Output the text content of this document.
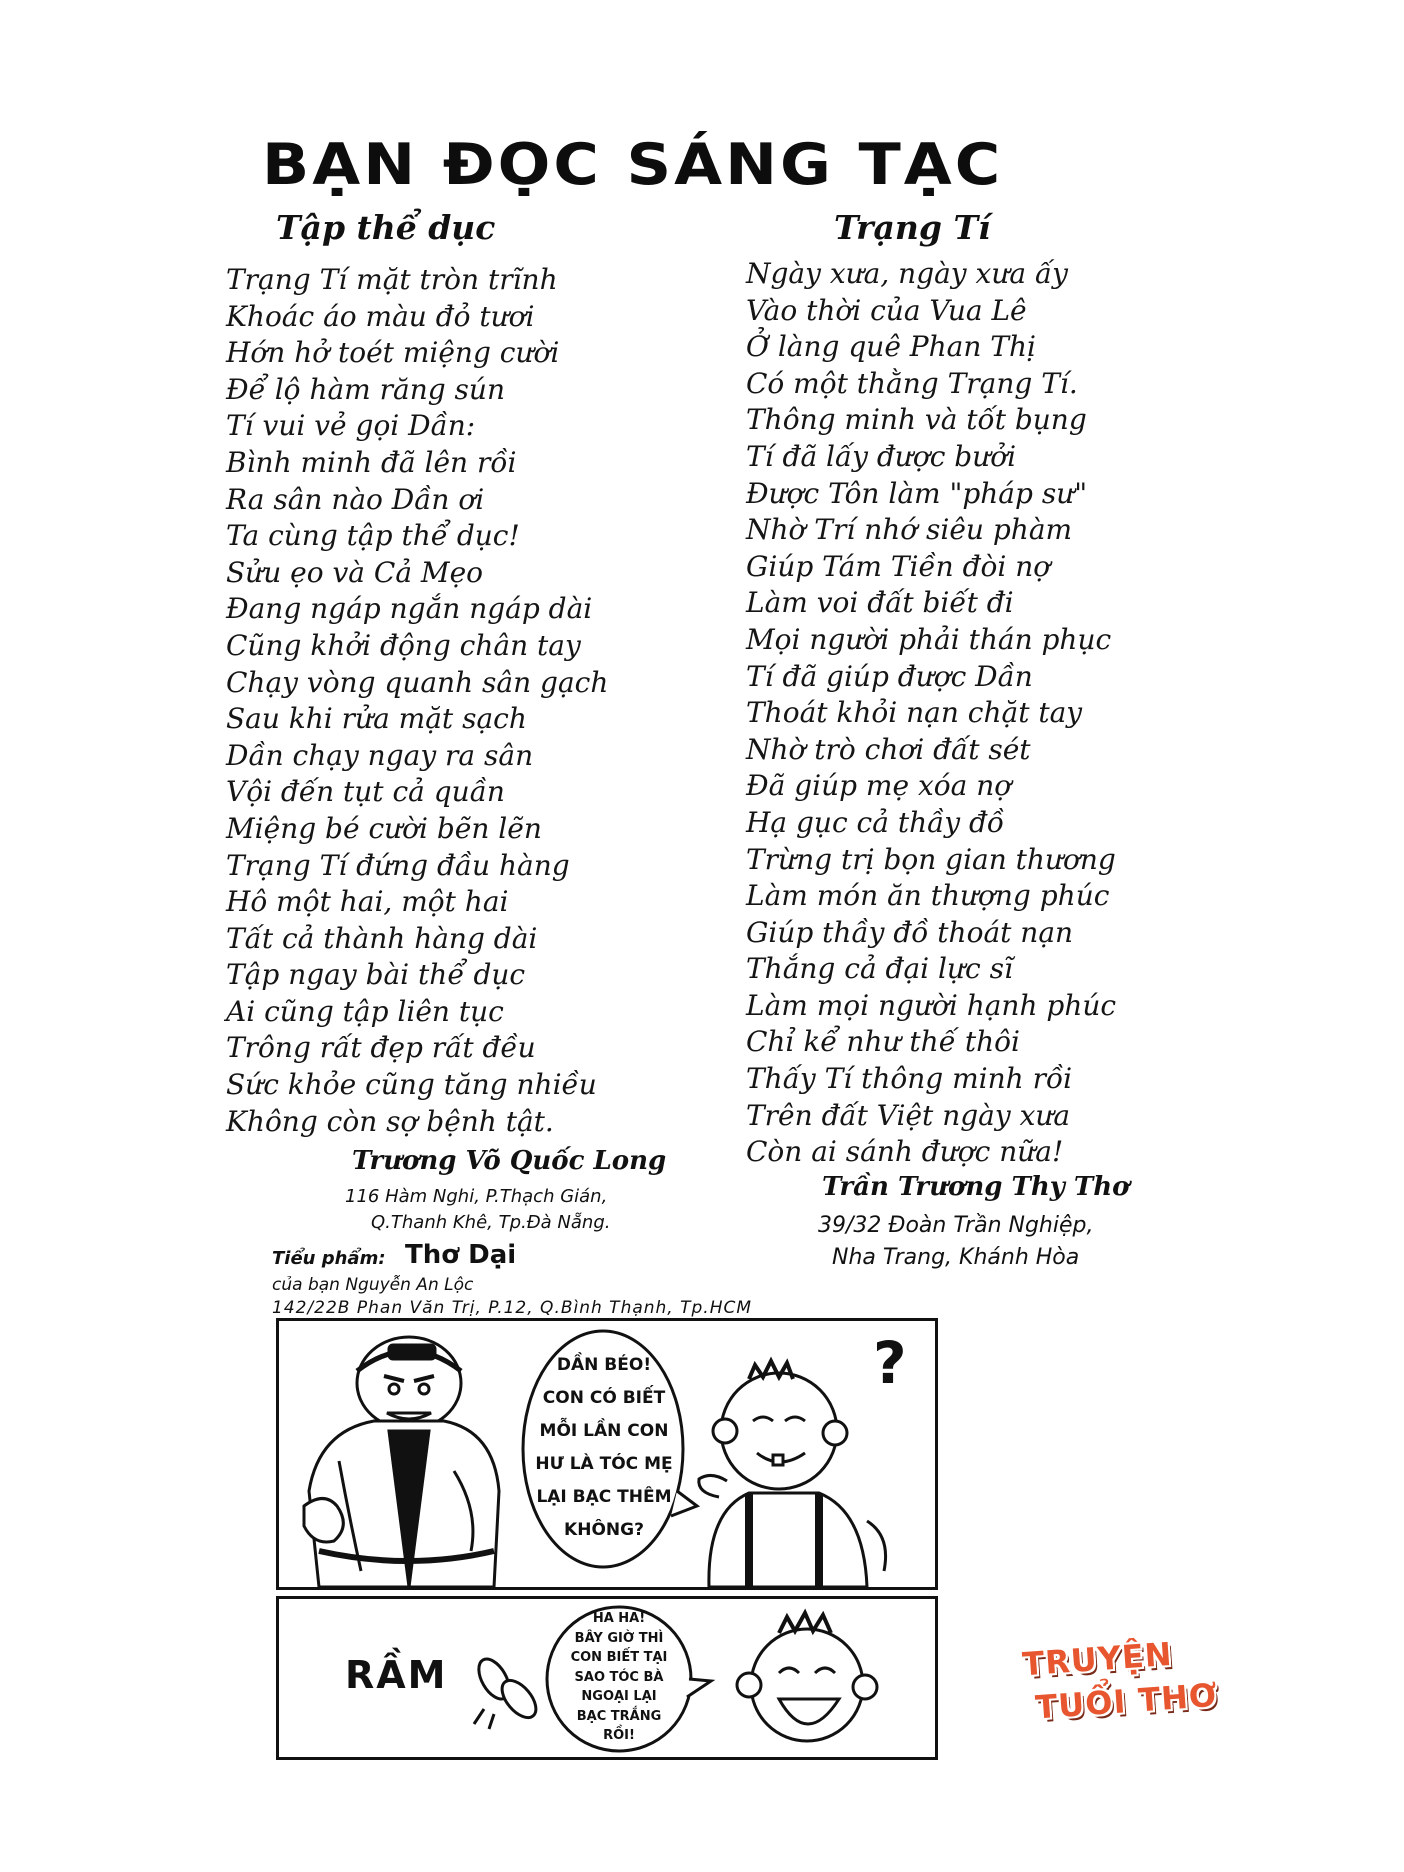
BẠN ĐỌC SÁNG TẠC
Tập thể dục
Trạng Tí mặt tròn trĩnh
Khoác áo màu đỏ tươi
Hớn hở toét miệng cười
Để lộ hàm răng sún
Tí vui vẻ gọi Dần:
Bình minh đã lên rồi
Ra sân nào Dần ơi
Ta cùng tập thể dục!
Sửu ẹo và Cả Mẹo
Đang ngáp ngắn ngáp dài
Cũng khởi động chân tay
Chạy vòng quanh sân gạch
Sau khi rửa mặt sạch
Dần chạy ngay ra sân
Vội đến tụt cả quần
Miệng bé cười bẽn lẽn
Trạng Tí đứng đầu hàng
Hô một hai, một hai
Tất cả thành hàng dài
Tập ngay bài thể dục
Ai cũng tập liên tục
Trông rất đẹp rất đều
Sức khỏe cũng tăng nhiều
Không còn sợ bệnh tật.
Trương Võ Quốc Long
116 Hàm Nghi, P.Thạch Gián,
Q.Thanh Khê, Tp.Đà Nẵng.
Trạng Tí
Ngày xưa, ngày xưa ấy
Vào thời của Vua Lê
Ở làng quê Phan Thị
Có một thằng Trạng Tí.
Thông minh và tốt bụng
Tí đã lấy được bưởi
Được Tôn làm "pháp sư"
Nhờ Trí nhớ siêu phàm
Giúp Tám Tiền đòi nợ
Làm voi đất biết đi
Mọi người phải thán phục
Tí đã giúp được Dần
Thoát khỏi nạn chặt tay
Nhờ trò chơi đất sét
Đã giúp mẹ xóa nợ
Hạ gục cả thầy đồ
Trừng trị bọn gian thương
Làm món ăn thượng phúc
Giúp thầy đồ thoát nạn
Thắng cả đại lực sĩ
Làm mọi người hạnh phúc
Chỉ kể như thế thôi
Thấy Tí thông minh rồi
Trên đất Việt ngày xưa
Còn ai sánh được nữa!
Trần Trương Thy Thơ
39/32 Đoàn Trần Nghiệp,
Nha Trang, Khánh Hòa
Tiểu phẩm: Thơ Dại
của bạn Nguyễn An Lộc
142/22B Phan Văn Trị, P.12, Q.Bình Thạnh, Tp.HCM
DẦN BÉO!
CON CÓ BIẾT
MỖI LẦN CON
HƯ LÀ TÓC MẸ
LẠI BẠC THÊM
KHÔNG?
?
RẦM
HA HA!
BÂY GIỜ THÌ
CON BIẾT TẠI
SAO TÓC BÀ
NGOẠI LẠI
BẠC TRẮNG
RỒI!
TRUYỆN
TUỔI THƠ
